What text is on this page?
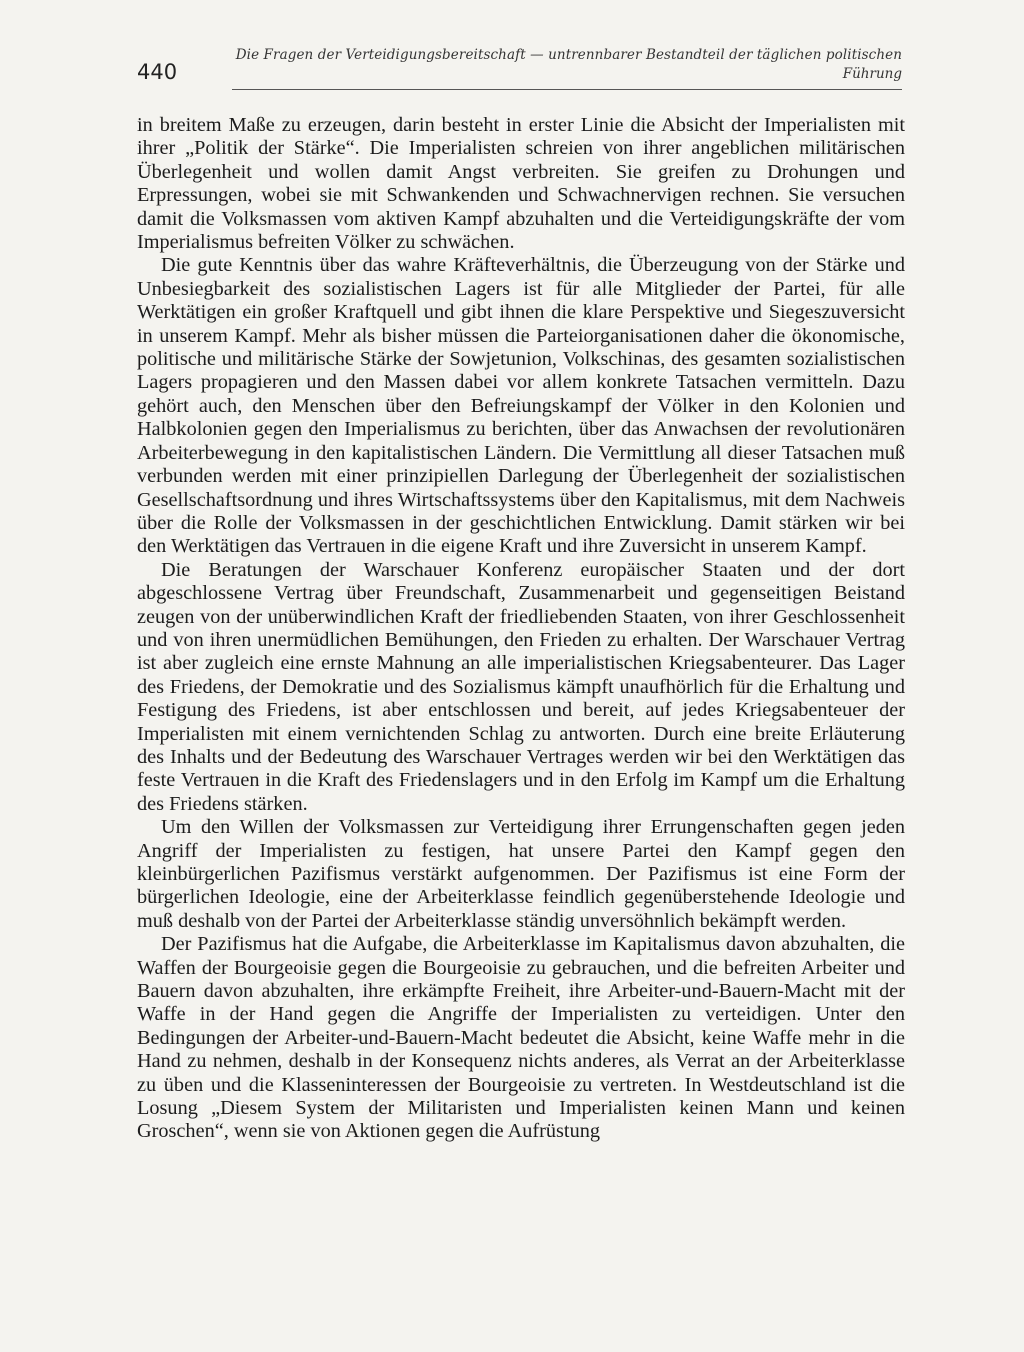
440
Die Fragen der Verteidigungsbereitschaft — untrennbarer Bestandteil der täglichen politischen
Führung

in breitem Maße zu erzeugen, darin besteht in erster Linie die Absicht der Imperialisten mit ihrer „Politik der Stärke“. Die Imperialisten schreien von ihrer angeblichen militärischen Überlegenheit und wollen damit Angst verbreiten. Sie greifen zu Drohungen und Erpressungen, wobei sie mit Schwankenden und Schwachnervigen rechnen. Sie versuchen damit die Volksmassen vom aktiven Kampf abzuhalten und die Verteidigungskräfte der vom Imperialismus befreiten Völker zu schwächen.

Die gute Kenntnis über das wahre Kräfteverhältnis, die Überzeugung von der Stärke und Unbesiegbarkeit des sozialistischen Lagers ist für alle Mitglieder der Partei, für alle Werktätigen ein großer Kraftquell und gibt ihnen die klare Perspektive und Siegeszuversicht in unserem Kampf. Mehr als bisher müssen die Parteiorganisationen daher die ökonomische, politische und militärische Stärke der Sowjetunion, Volkschinas, des gesamten sozialistischen Lagers propagieren und den Massen dabei vor allem konkrete Tatsachen vermitteln. Dazu gehört auch, den Menschen über den Befreiungskampf der Völker in den Kolonien und Halbkolonien gegen den Imperialismus zu berichten, über das Anwachsen der revolutionären Arbeiterbewegung in den kapitalistischen Ländern. Die Vermittlung all dieser Tatsachen muß verbunden werden mit einer prinzipiellen Darlegung der Überlegenheit der sozialistischen Gesellschaftsordnung und ihres Wirtschaftssystems über den Kapitalismus, mit dem Nachweis über die Rolle der Volksmassen in der geschichtlichen Entwicklung. Damit stärken wir bei den Werktätigen das Vertrauen in die eigene Kraft und ihre Zuversicht in unserem Kampf.

Die Beratungen der Warschauer Konferenz europäischer Staaten und der dort abgeschlossene Vertrag über Freundschaft, Zusammenarbeit und gegenseitigen Beistand zeugen von der unüberwindlichen Kraft der friedliebenden Staaten, von ihrer Geschlossenheit und von ihren unermüdlichen Bemühungen, den Frieden zu erhalten. Der Warschauer Vertrag ist aber zugleich eine ernste Mahnung an alle imperialistischen Kriegsabenteurer. Das Lager des Friedens, der Demokratie und des Sozialismus kämpft unaufhörlich für die Erhaltung und Festigung des Friedens, ist aber entschlossen und bereit, auf jedes Kriegsabenteuer der Imperialisten mit einem vernichtenden Schlag zu antworten. Durch eine breite Erläuterung des Inhalts und der Bedeutung des Warschauer Vertrages werden wir bei den Werktätigen das feste Vertrauen in die Kraft des Friedenslagers und in den Erfolg im Kampf um die Erhaltung des Friedens stärken.

Um den Willen der Volksmassen zur Verteidigung ihrer Errungenschaften gegen jeden Angriff der Imperialisten zu festigen, hat unsere Partei den Kampf gegen den kleinbürgerlichen Pazifismus verstärkt aufgenommen. Der Pazifismus ist eine Form der bürgerlichen Ideologie, eine der Arbeiterklasse feindlich gegenüberstehende Ideologie und muß deshalb von der Partei der Arbeiterklasse ständig unversöhnlich bekämpft werden.

Der Pazifismus hat die Aufgabe, die Arbeiterklasse im Kapitalismus davon abzuhalten, die Waffen der Bourgeoisie gegen die Bourgeoisie zu gebrauchen, und die befreiten Arbeiter und Bauern davon abzuhalten, ihre erkämpfte Freiheit, ihre Arbeiter-und-Bauern-Macht mit der Waffe in der Hand gegen die Angriffe der Imperialisten zu verteidigen. Unter den Bedingungen der Arbeiter-und-Bauern-Macht bedeutet die Absicht, keine Waffe mehr in die Hand zu nehmen, deshalb in der Konsequenz nichts anderes, als Verrat an der Arbeiterklasse zu üben und die Klasseninteressen der Bourgeoisie zu vertreten. In Westdeutschland ist die Losung „Diesem System der Militaristen und Imperialisten keinen Mann und keinen Groschen“, wenn sie von Aktionen gegen die Aufrüstung
